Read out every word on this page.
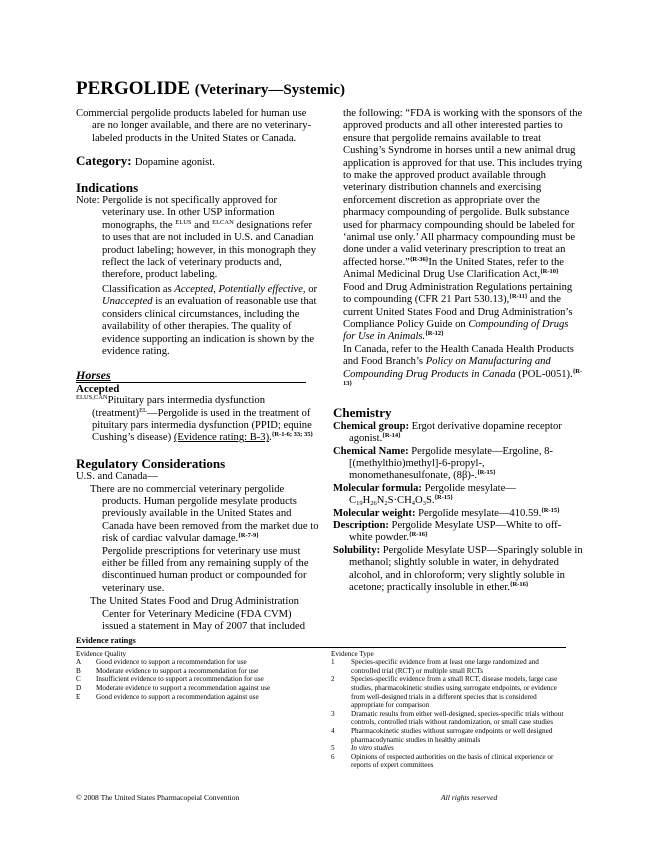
PERGOLIDE (Veterinary—Systemic)

Commercial pergolide products labeled for human use are no longer available, and there are no veterinary-labeled products in the United States or Canada.

Category: Dopamine agonist.
Indications

Note: Pergolide is not specifically approved for veterinary use. In other USP information monographs, the $^{ELUS}$ and $^{ELCAN}$ designations refer to uses that are not included in U.S. and Canadian product labeling; however, in this monograph they reflect the lack of veterinary products and, therefore, product labeling.

Classification as Accepted, Potentially effective, or Unaccepted is an evaluation of reasonable use that considers clinical circumstances, including the availability of other therapies. The quality of evidence supporting an indication is shown by the evidence rating.

Horses
Accepted

$^{ELUS,CAN}$Pituitary pars intermedia dysfunction (treatment)$^{EL}$—Pergolide is used in the treatment of pituitary pars intermedia dysfunction (PPID; equine Cushing’s disease) (Evidence rating: B-3).$^{\{R-1-6; 33; 35\}}$

Regulatory Considerations

U.S. and Canada—

There are no commercial veterinary pergolide products. Human pergolide mesylate products previously available in the United States and Canada have been removed from the market due to risk of cardiac valvular damage.$^{\{R-7-9\}}$

Pergolide prescriptions for veterinary use must either be filled from any remaining supply of the discontinued human product or compounded for veterinary use.

The United States Food and Drug Administration Center for Veterinary Medicine (FDA CVM) issued a statement in May of 2007 that included

the following: “FDA is working with the sponsors of the approved products and all other interested parties to ensure that pergolide remains available to treat Cushing’s Syndrome in horses until a new animal drug application is approved for that use. This includes trying to make the approved product available through veterinary distribution channels and exercising enforcement discretion as appropriate over the pharmacy compounding of pergolide. Bulk substance used for pharmacy compounding should be labeled for ‘animal use only.’ All pharmacy compounding must be done under a valid veterinary prescription to treat an affected horse.”$^{\{R-36\}}$In the United States, refer to the Animal Medicinal Drug Use Clarification Act,$^{\{R-10\}}$ Food and Drug Administration Regulations pertaining to compounding (CFR 21 Part 530.13),$^{\{R-11\}}$ and the current United States Food and Drug Administration’s Compliance Policy Guide on Compounding of Drugs for Use in Animals.$^{\{R-12\}}$

In Canada, refer to the Health Canada Health Products and Food Branch’s Policy on Manufacturing and Compounding Drug Products in Canada (POL-0051).$^{\{R-13\}}$

Chemistry

Chemical group: Ergot derivative dopamine receptor agonist.$^{\{R-14\}}$

Chemical Name: Pergolide mesylate—Ergoline, 8-[(methylthio)methyl]-6-propyl-, monomethanesulfonate, (8β)-.$^{\{R-15\}}$

Molecular formula: Pergolide mesylate—
$C_{19}H_{26}N_2S\cdot CH_4O_3S.^{\{R-15\}}$

Molecular weight: Pergolide mesylate—410.59.$^{\{R-15\}}$

Description: Pergolide Mesylate USP—White to off-white powder.$^{\{R-16\}}$

Solubility: Pergolide Mesylate USP—Sparingly soluble in methanol; slightly soluble in water, in dehydrated alcohol, and in chloroform; very slightly soluble in acetone; practically insoluble in ether.$^{\{R-16\}}$

Evidence ratings
Evidence Quality
A	Good evidence to support a recommendation for use
B	Moderate evidence to support a recommendation for use
C	Insufficient evidence to support a recommendation for use
D	Moderate evidence to support a recommendation against use
E	Good evidence to support a recommendation against use
Evidence Type
1	Species-specific evidence from at least one large randomized and controlled trial (RCT) or multiple small RCTs
2	Species-specific evidence from a small RCT, disease models, large case studies, pharmacokinetic studies using surrogate endpoints, or evidence from well-designed trials in a different species that is considered appropriate for comparison
3	Dramatic results from either well-designed, species-specific trials without controls, controlled trials without randomization, or small case studies
4	Pharmacokinetic studies without surrogate endpoints or well designed pharmacodynamic studies in healthy animals
5	In vitro studies
6	Opinions of respected authorities on the basis of clinical experience or reports of expert committees
© 2008 The United States Pharmacopeial Convention	All rights reserved
